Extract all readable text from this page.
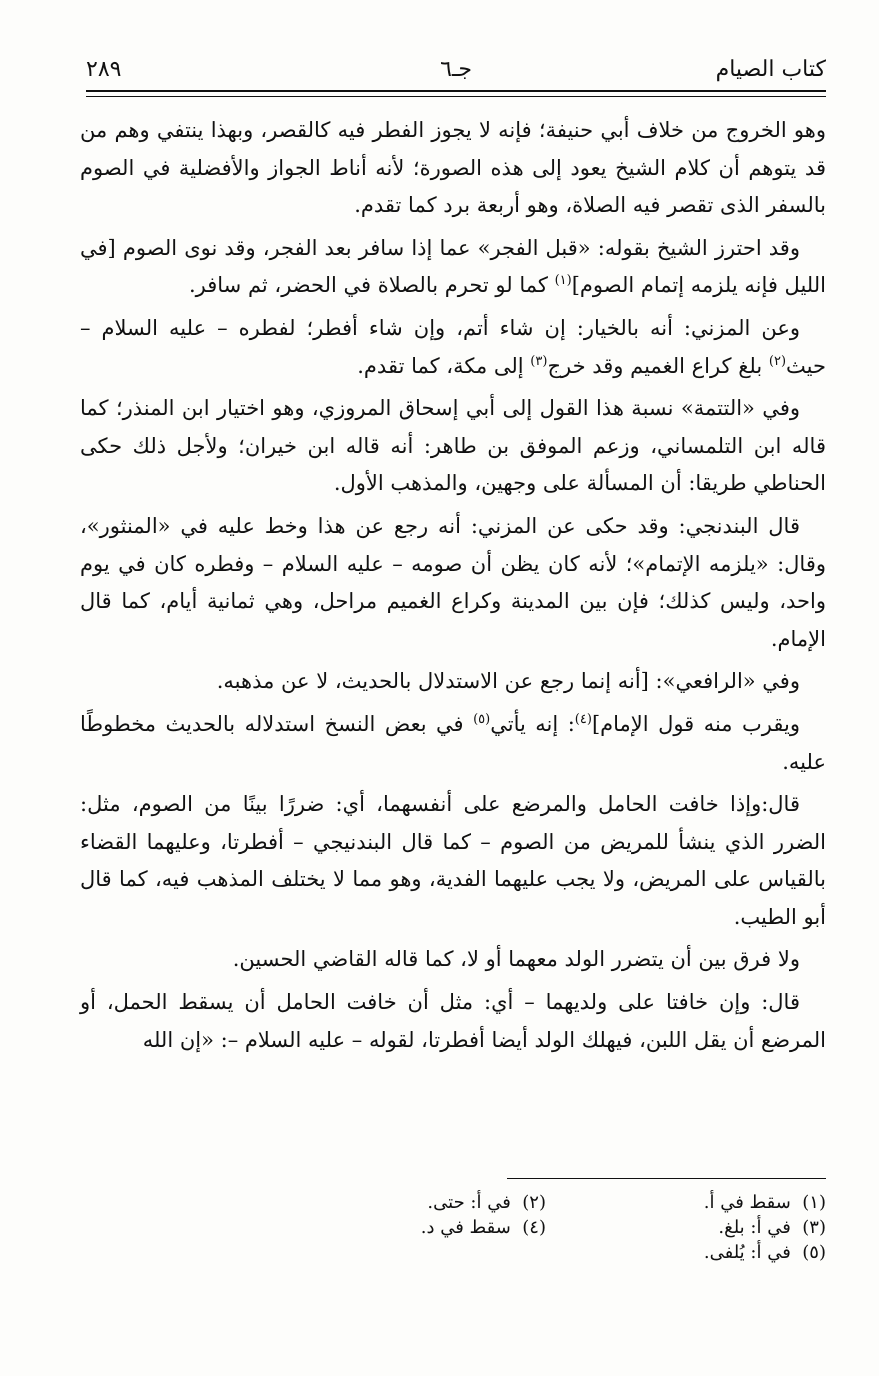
كتاب الصيام
جـ٦
٢٨٩

وهو الخروج من خلاف أبي حنيفة؛ فإنه لا يجوز الفطر فيه كالقصر، وبهذا ينتفي وهم من قد يتوهم أن كلام الشيخ يعود إلى هذه الصورة؛ لأنه أناط الجواز والأفضلية في الصوم بالسفر الذى تقصر فيه الصلاة، وهو أربعة برد كما تقدم.

وقد احترز الشيخ بقوله: «قبل الفجر» عما إذا سافر بعد الفجر، وقد نوى الصوم [في الليل فإنه يلزمه إتمام الصوم]$^{(١)}$ كما لو تحرم بالصلاة في الحضر، ثم سافر.

وعن المزني: أنه بالخيار: إن شاء أتم، وإن شاء أفطر؛ لفطره – عليه السلام – حيث$^{(٢)}$ بلغ كراع الغميم وقد خرج$^{(٣)}$ إلى مكة، كما تقدم.

وفي «التتمة» نسبة هذا القول إلى أبي إسحاق المروزي، وهو اختيار ابن المنذر؛ كما قاله ابن التلمساني، وزعم الموفق بن طاهر: أنه قاله ابن خيران؛ ولأجل ذلك حكى الحناطي طريقا: أن المسألة على وجهين، والمذهب الأول.

قال البندنجي: وقد حكى عن المزني: أنه رجع عن هذا وخط عليه في «المنثور»، وقال: «يلزمه الإتمام»؛ لأنه كان يظن أن صومه – عليه السلام – وفطره كان في يوم واحد، وليس كذلك؛ فإن بين المدينة وكراع الغميم مراحل، وهي ثمانية أيام، كما قال الإمام.

وفي «الرافعي»: [أنه إنما رجع عن الاستدلال بالحديث، لا عن مذهبه.

ويقرب منه قول الإمام]$^{(٤)}$: إنه يأتي$^{(٥)}$ في بعض النسخ استدلاله بالحديث مخطوطًا عليه.

قال:وإذا خافت الحامل والمرضع على أنفسهما، أي: ضررًا بينًا من الصوم، مثل: الضرر الذي ينشأ للمريض من الصوم – كما قال البندنيجي – أفطرتا، وعليهما القضاء بالقياس على المريض، ولا يجب عليهما الفدية، وهو مما لا يختلف المذهب فيه، كما قال أبو الطيب.

ولا فرق بين أن يتضرر الولد معهما أو لا، كما قاله القاضي الحسين.

قال: وإن خافتا على ولديهما – أي: مثل أن خافت الحامل أن يسقط الحمل، أو المرضع أن يقل اللبن، فيهلك الولد أيضا أفطرتا، لقوله – عليه السلام –: «إن الله

(١)  سقط في أ.
(٢)  في أ: حتى.
(٣)  في أ: بلغ.
(٤)  سقط في د.
(٥)  في أ: يُلفى.
